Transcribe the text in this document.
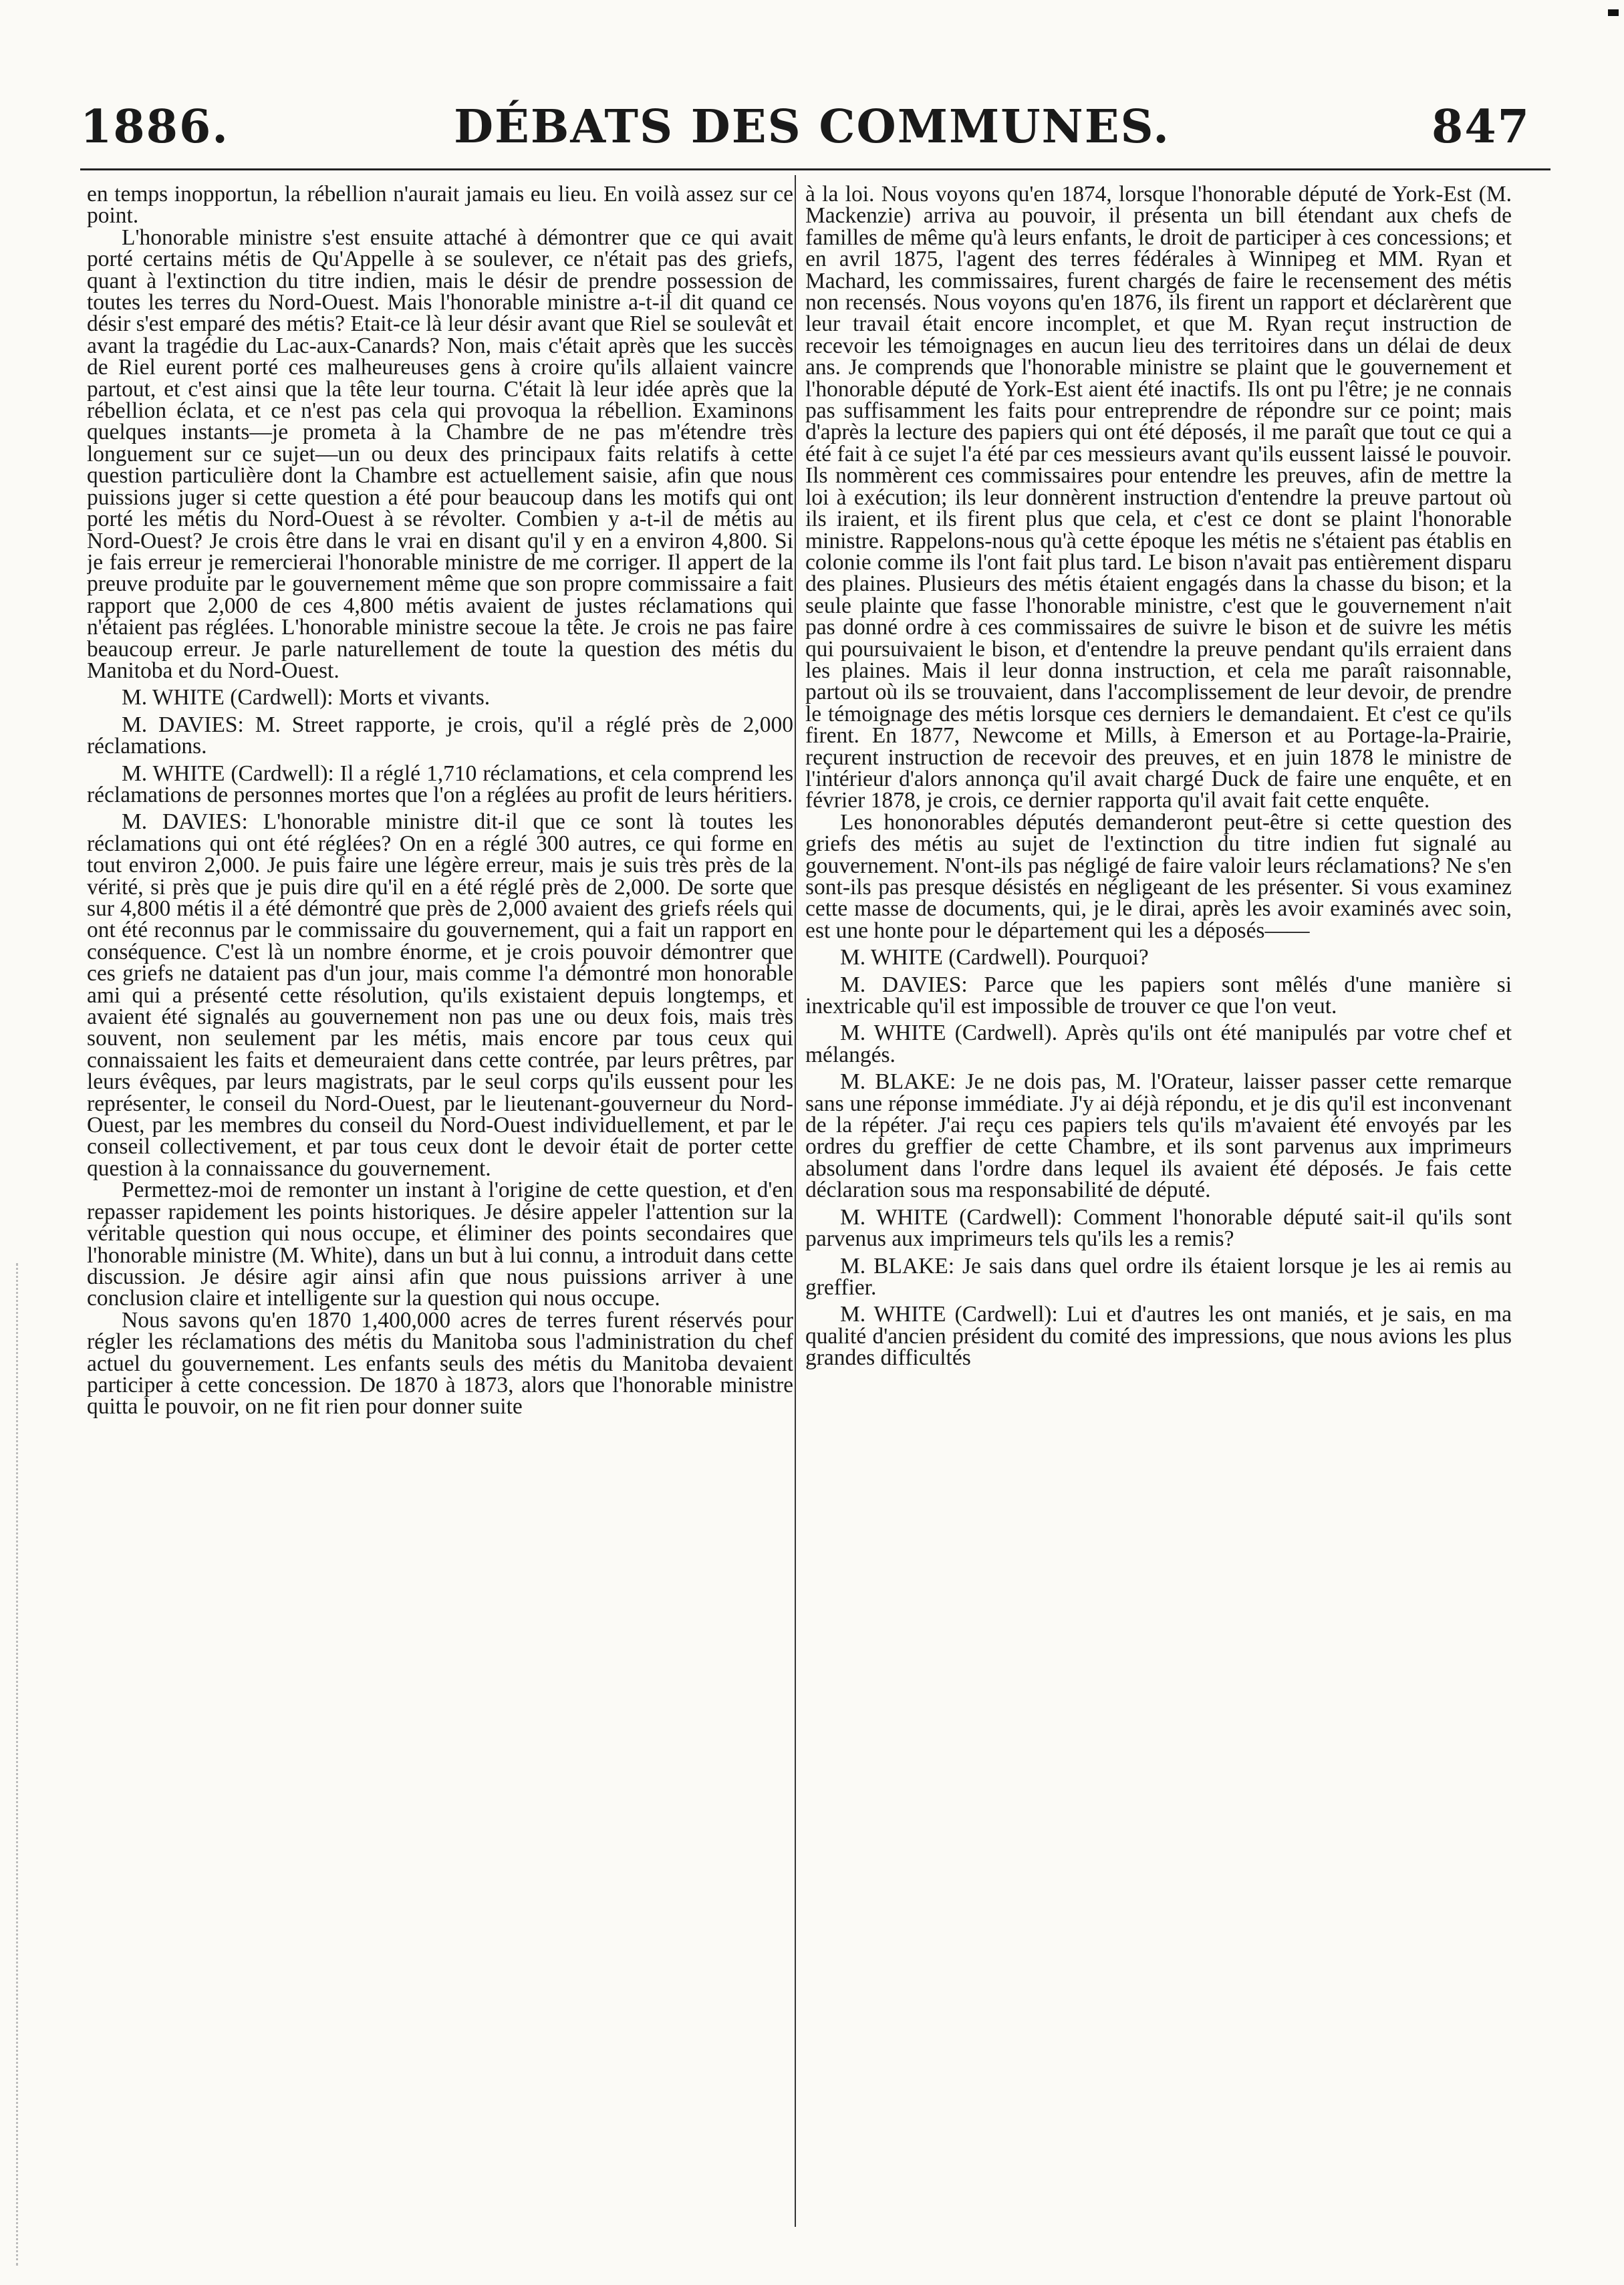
1886.	DÉBATS DES COMMUNES.	847

en temps inopportun, la rébellion n'aurait jamais eu lieu. En voilà assez sur ce point.

L'honorable ministre s'est ensuite attaché à démontrer que ce qui avait porté certains métis de Qu'Appelle à se soulever, ce n'était pas des griefs, quant à l'extinction du titre indien, mais le désir de prendre possession de toutes les terres du Nord-Ouest. Mais l'honorable ministre a-t-il dit quand ce désir s'est emparé des métis? Etait-ce là leur désir avant que Riel se soulevât et avant la tragédie du Lac-aux-Canards? Non, mais c'était après que les succès de Riel eurent porté ces malheureuses gens à croire qu'ils allaient vaincre partout, et c'est ainsi que la tête leur tourna. C'était là leur idée après que la rébellion éclata, et ce n'est pas cela qui provoqua la rébellion. Examinons quelques instants—je prometa à la Chambre de ne pas m'étendre très longuement sur ce sujet—un ou deux des principaux faits relatifs à cette question particulière dont la Chambre est actuellement saisie, afin que nous puissions juger si cette question a été pour beaucoup dans les motifs qui ont porté les métis du Nord-Ouest à se révolter. Combien y a-t-il de métis au Nord-Ouest? Je crois être dans le vrai en disant qu'il y en a environ 4,800. Si je fais erreur je remercierai l'honorable ministre de me corriger. Il appert de la preuve produite par le gouvernement même que son propre commissaire a fait rapport que 2,000 de ces 4,800 métis avaient de justes réclamations qui n'étaient pas réglées. L'honorable ministre secoue la tête. Je crois ne pas faire beaucoup erreur. Je parle naturellement de toute la question des métis du Manitoba et du Nord-Ouest.

M. WHITE (Cardwell): Morts et vivants.

M. DAVIES: M. Street rapporte, je crois, qu'il a réglé près de 2,000 réclamations.

M. WHITE (Cardwell): Il a réglé 1,710 réclamations, et cela comprend les réclamations de personnes mortes que l'on a réglées au profit de leurs héritiers.

M. DAVIES: L'honorable ministre dit-il que ce sont là toutes les réclamations qui ont été réglées? On en a réglé 300 autres, ce qui forme en tout environ 2,000. Je puis faire une légère erreur, mais je suis très près de la vérité, si près que je puis dire qu'il en a été réglé près de 2,000. De sorte que sur 4,800 métis il a été démontré que près de 2,000 avaient des griefs réels qui ont été reconnus par le commissaire du gouvernement, qui a fait un rapport en conséquence. C'est là un nombre énorme, et je crois pouvoir démontrer que ces griefs ne dataient pas d'un jour, mais comme l'a démontré mon honorable ami qui a présenté cette résolution, qu'ils existaient depuis longtemps, et avaient été signalés au gouvernement non pas une ou deux fois, mais très souvent, non seulement par les métis, mais encore par tous ceux qui connaissaient les faits et demeuraient dans cette contrée, par leurs prêtres, par leurs évêques, par leurs magistrats, par le seul corps qu'ils eussent pour les représenter, le conseil du Nord-Ouest, par le lieutenant-gouverneur du Nord-Ouest, par les membres du conseil du Nord-Ouest individuellement, et par le conseil collectivement, et par tous ceux dont le devoir était de porter cette question à la connaissance du gouvernement.

Permettez-moi de remonter un instant à l'origine de cette question, et d'en repasser rapidement les points historiques. Je désire appeler l'attention sur la véritable question qui nous occupe, et éliminer des points secondaires que l'honorable ministre (M. White), dans un but à lui connu, a introduit dans cette discussion. Je désire agir ainsi afin que nous puissions arriver à une conclusion claire et intelligente sur la question qui nous occupe.

Nous savons qu'en 1870 1,400,000 acres de terres furent réservés pour régler les réclamations des métis du Manitoba sous l'administration du chef actuel du gouvernement. Les enfants seuls des métis du Manitoba devaient participer à cette concession. De 1870 à 1873, alors que l'honorable ministre quitta le pouvoir, on ne fit rien pour donner suite

à la loi. Nous voyons qu'en 1874, lorsque l'honorable député de York-Est (M. Mackenzie) arriva au pouvoir, il présenta un bill étendant aux chefs de familles de même qu'à leurs enfants, le droit de participer à ces concessions; et en avril 1875, l'agent des terres fédérales à Winnipeg et MM. Ryan et Machard, les commissaires, furent chargés de faire le recensement des métis non recensés. Nous voyons qu'en 1876, ils firent un rapport et déclarèrent que leur travail était encore incomplet, et que M. Ryan reçut instruction de recevoir les témoignages en aucun lieu des territoires dans un délai de deux ans. Je comprends que l'honorable ministre se plaint que le gouvernement et l'honorable député de York-Est aient été inactifs. Ils ont pu l'être; je ne connais pas suffisamment les faits pour entreprendre de répondre sur ce point; mais d'après la lecture des papiers qui ont été déposés, il me paraît que tout ce qui a été fait à ce sujet l'a été par ces messieurs avant qu'ils eussent laissé le pouvoir. Ils nommèrent ces commissaires pour entendre les preuves, afin de mettre la loi à exécution; ils leur donnèrent instruction d'entendre la preuve partout où ils iraient, et ils firent plus que cela, et c'est ce dont se plaint l'honorable ministre. Rappelons-nous qu'à cette époque les métis ne s'étaient pas établis en colonie comme ils l'ont fait plus tard. Le bison n'avait pas entièrement disparu des plaines. Plusieurs des métis étaient engagés dans la chasse du bison; et la seule plainte que fasse l'honorable ministre, c'est que le gouvernement n'ait pas donné ordre à ces commissaires de suivre le bison et de suivre les métis qui poursuivaient le bison, et d'entendre la preuve pendant qu'ils erraient dans les plaines. Mais il leur donna instruction, et cela me paraît raisonnable, partout où ils se trouvaient, dans l'accomplissement de leur devoir, de prendre le témoignage des métis lorsque ces derniers le demandaient. Et c'est ce qu'ils firent. En 1877, Newcome et Mills, à Emerson et au Portage-la-Prairie, reçurent instruction de recevoir des preuves, et en juin 1878 le ministre de l'intérieur d'alors annonça qu'il avait chargé Duck de faire une enquête, et en février 1878, je crois, ce dernier rapporta qu'il avait fait cette enquête.

Les hononorables députés demanderont peut-être si cette question des griefs des métis au sujet de l'extinction du titre indien fut signalé au gouvernement. N'ont-ils pas négligé de faire valoir leurs réclamations? Ne s'en sont-ils pas presque désistés en négligeant de les présenter. Si vous examinez cette masse de documents, qui, je le dirai, après les avoir examinés avec soin, est une honte pour le département qui les a déposés——

M. WHITE (Cardwell). Pourquoi?

M. DAVIES: Parce que les papiers sont mêlés d'une manière si inextricable qu'il est impossible de trouver ce que l'on veut.

M. WHITE (Cardwell). Après qu'ils ont été manipulés par votre chef et mélangés.

M. BLAKE: Je ne dois pas, M. l'Orateur, laisser passer cette remarque sans une réponse immédiate. J'y ai déjà répondu, et je dis qu'il est inconvenant de la répéter. J'ai reçu ces papiers tels qu'ils m'avaient été envoyés par les ordres du greffier de cette Chambre, et ils sont parvenus aux imprimeurs absolument dans l'ordre dans lequel ils avaient été déposés. Je fais cette déclaration sous ma responsabilité de député.

M. WHITE (Cardwell): Comment l'honorable député sait-il qu'ils sont parvenus aux imprimeurs tels qu'ils les a remis?

M. BLAKE: Je sais dans quel ordre ils étaient lorsque je les ai remis au greffier.

M. WHITE (Cardwell): Lui et d'autres les ont maniés, et je sais, en ma qualité d'ancien président du comité des impressions, que nous avions les plus grandes difficultés
